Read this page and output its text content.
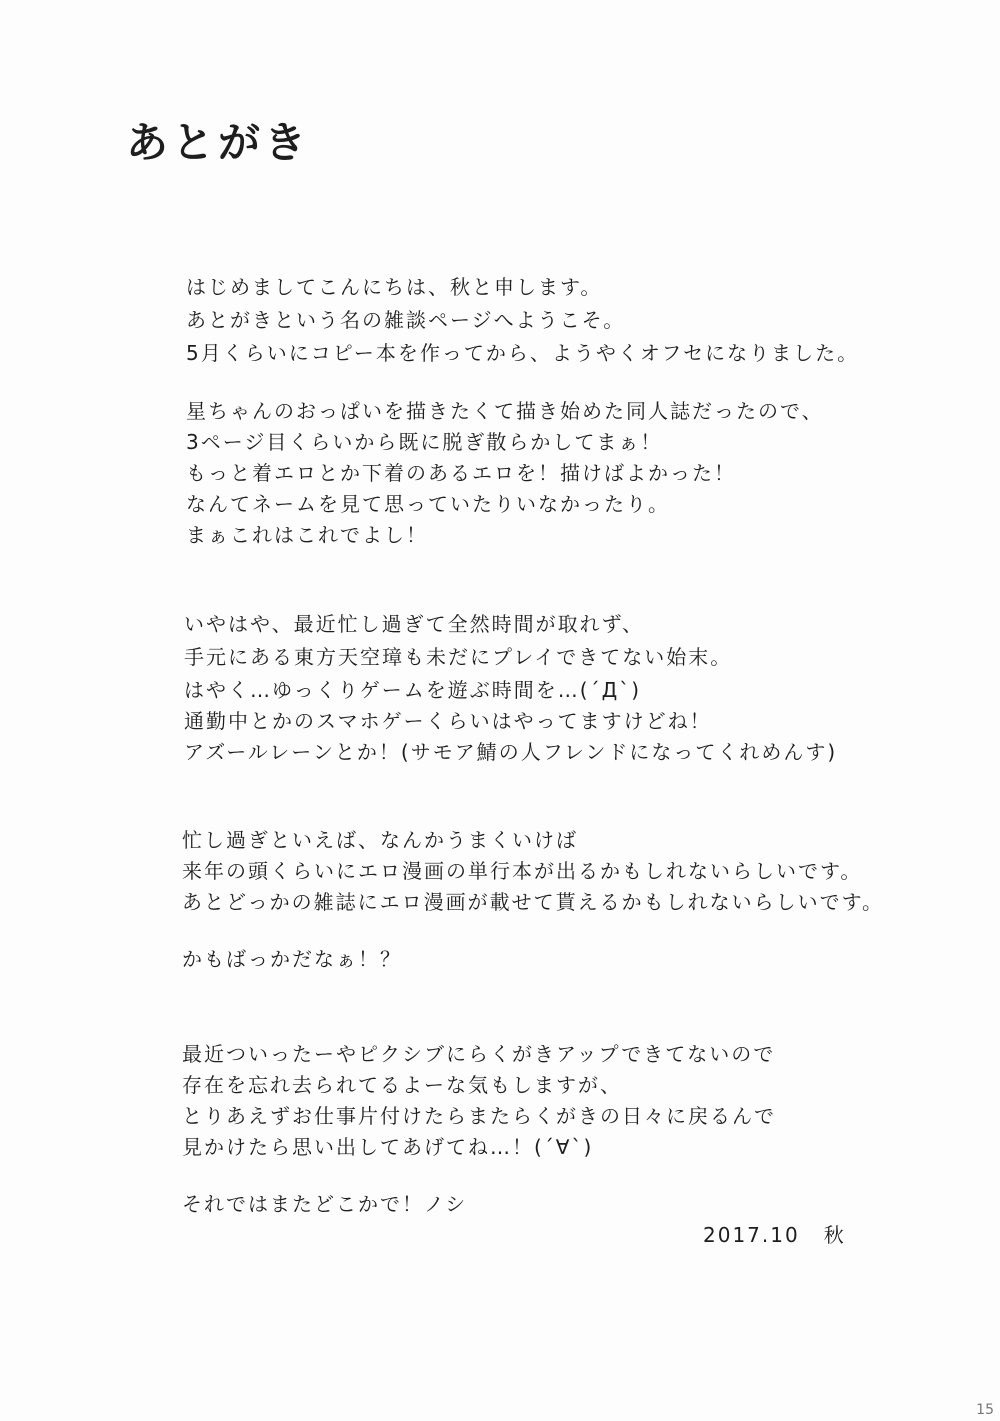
あとがき
はじめましてこんにちは、秋と申します。
あとがきという名の雑談ページへようこそ。
5月くらいにコピー本を作ってから、ようやくオフセになりました。
星ちゃんのおっぱいを描きたくて描き始めた同人誌だったので、
3ページ目くらいから既に脱ぎ散らかしてまぁ！
もっと着エロとか下着のあるエロを！描けばよかった！
なんてネームを見て思っていたりいなかったり。
まぁこれはこれでよし！
いやはや、最近忙し過ぎて全然時間が取れず、
手元にある東方天空璋も未だにプレイできてない始末。
はやく…ゆっくりゲームを遊ぶ時間を…(´Д`)
通勤中とかのスマホゲーくらいはやってますけどね！
アズールレーンとか！(サモア鯖の人フレンドになってくれめんす)
忙し過ぎといえば、なんかうまくいけば
来年の頭くらいにエロ漫画の単行本が出るかもしれないらしいです。
あとどっかの雑誌にエロ漫画が載せて貰えるかもしれないらしいです。
かもばっかだなぁ！？
最近ついったーやピクシブにらくがきアップできてないので
存在を忘れ去られてるよーな気もしますが、
とりあえずお仕事片付けたらまたらくがきの日々に戻るんで
見かけたら思い出してあげてね…！(´∀`)
それではまたどこかで！ノシ
2017.10 秋
15
